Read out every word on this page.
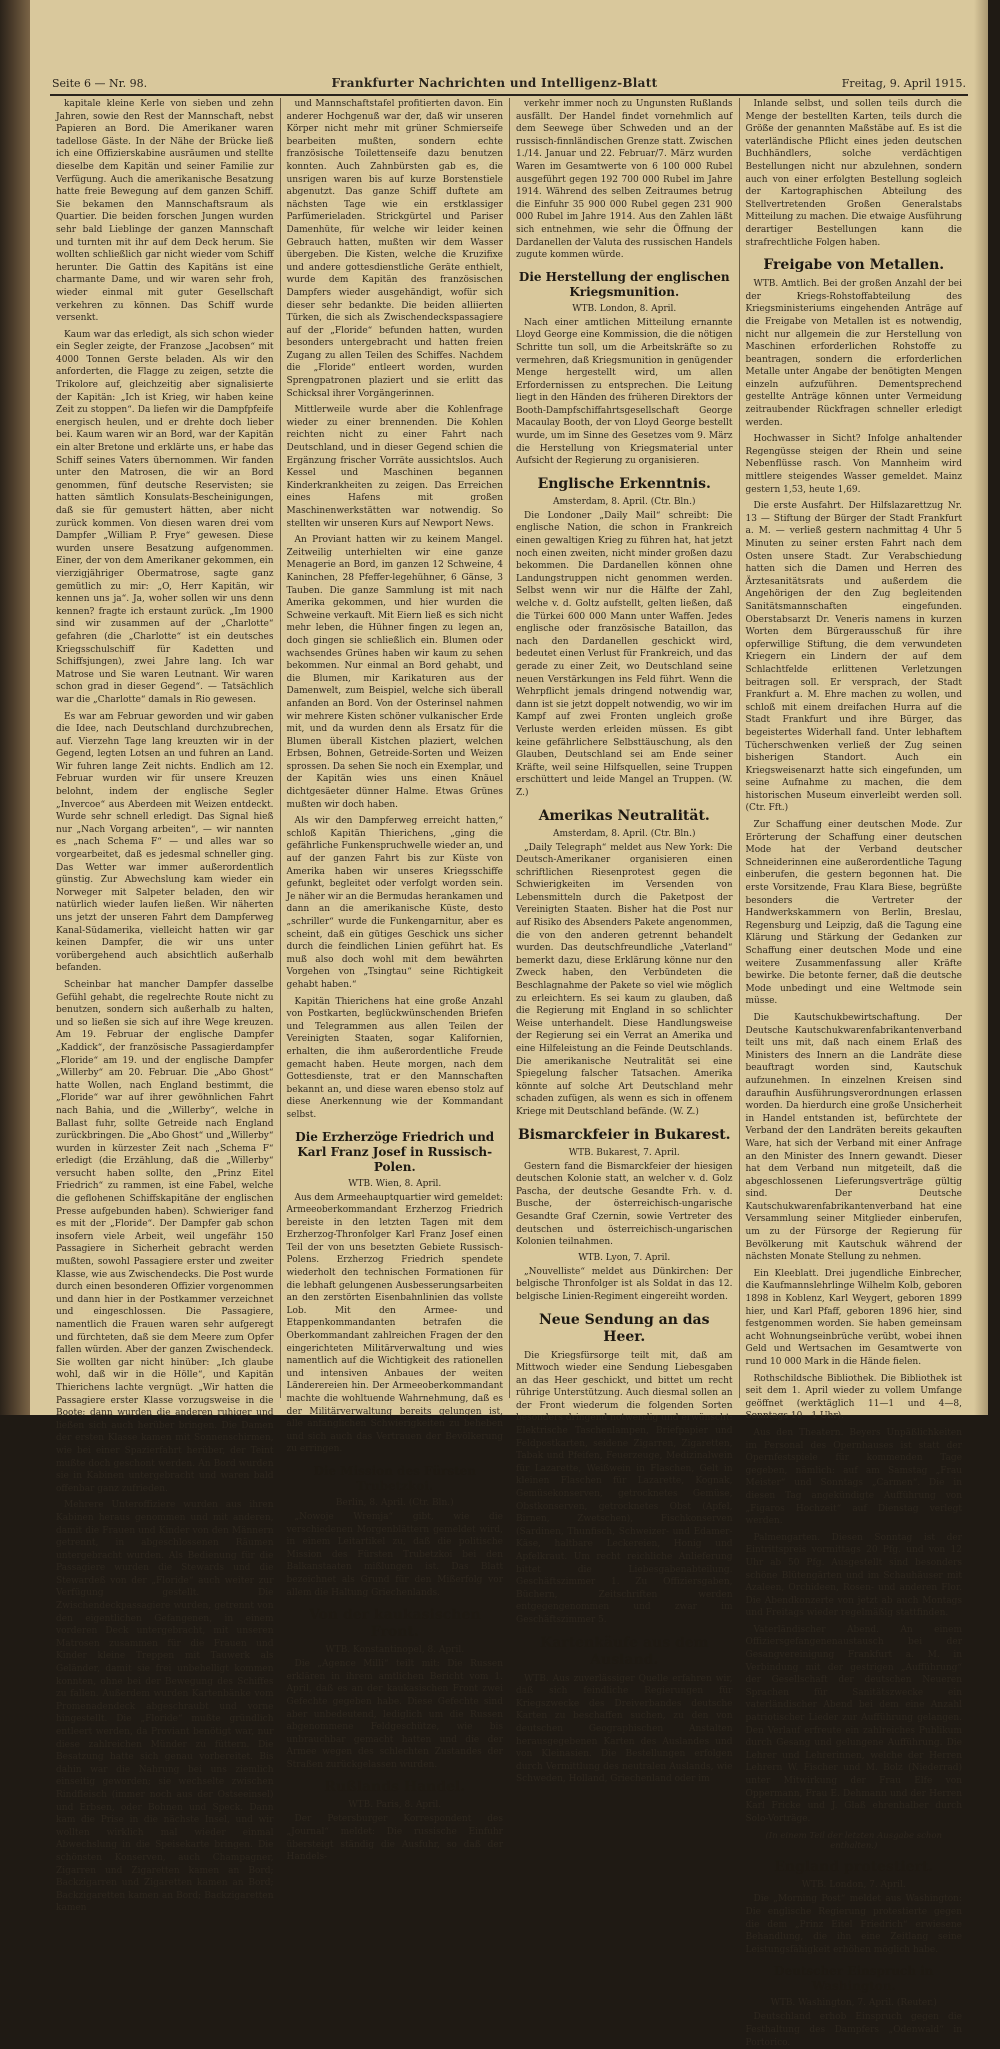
Seite 6 — Nr. 98.	Frankfurter Nachrichten und Intelligenz-Blatt	Freitag, 9. April 1915.

kapitale kleine Kerle von sieben und zehn Jahren, sowie den Rest der Mannschaft, nebst Papieren an Bord. Die Amerikaner waren tadellose Gäste. In der Nähe der Brücke ließ ich eine Offizierskabine ausräumen und stellte dieselbe dem Kapitän und seiner Familie zur Verfügung. Auch die amerikanische Besatzung hatte freie Bewegung auf dem ganzen Schiff. Sie bekamen den Mannschaftsraum als Quartier. Die beiden forschen Jungen wurden sehr bald Lieblinge der ganzen Mannschaft und turnten mit ihr auf dem Deck herum. Sie wollten schließlich gar nicht wieder vom Schiff herunter. Die Gattin des Kapitäns ist eine charmante Dame, und wir waren sehr froh, wieder einmal mit guter Gesellschaft verkehren zu können. Das Schiff wurde versenkt.

Kaum war das erledigt, als sich schon wieder ein Segler zeigte, der Franzose „Jacobsen“ mit 4000 Tonnen Gerste beladen. Als wir den anforderten, die Flagge zu zeigen, setzte die Trikolore auf, gleichzeitig aber signalisierte der Kapitän: „Ich ist Krieg, wir haben keine Zeit zu stoppen“. Da liefen wir die Dampfpfeife energisch heulen, und er drehte doch lieber bei. Kaum waren wir an Bord, war der Kapitän ein alter Bretone und erklärte uns, er habe das Schiff seines Vaters übernommen. Wir fanden unter den Matrosen, die wir an Bord genommen, fünf deutsche Reservisten; sie hatten sämtlich Konsulats-Bescheinigungen, daß sie für gemustert hätten, aber nicht zurück kommen. Von diesen waren drei vom Dampfer „William P. Frye“ gewesen. Diese wurden unsere Besatzung aufgenommen. Einer, der von dem Amerikaner gekommen, ein vierzigjähriger Obermatrose, sagte ganz gemütlich zu mir: „O, Herr Kapitän, wir kennen uns ja“. Ja, woher sollen wir uns denn kennen? fragte ich erstaunt zurück. „Im 1900 sind wir zusammen auf der „Charlotte“ gefahren (die „Charlotte“ ist ein deutsches Kriegsschulschiff für Kadetten und Schiffsjungen), zwei Jahre lang. Ich war Matrose und Sie waren Leutnant. Wir waren schon grad in dieser Gegend“. — Tatsächlich war die „Charlotte“ damals in Rio gewesen.

Es war am Februar geworden und wir gaben die Idee, nach Deutschland durchzubrechen, auf. Vierzehn Tage lang kreuzten wir in der Gegend, legten Lotsen an und fuhren an Land. Wir fuhren lange Zeit nichts. Endlich am 12. Februar wurden wir für unsere Kreuzen belohnt, indem der englische Segler „Invercoe“ aus Aberdeen mit Weizen entdeckt. Wurde sehr schnell erledigt. Das Signal hieß nur „Nach Vorgang arbeiten“, — wir nannten es „nach Schema F“ — und alles war so vorgearbeitet, daß es jedesmal schneller ging. Das Wetter war immer außerordentlich günstig. Zur Abwechslung kam wieder ein Norweger mit Salpeter beladen, den wir natürlich wieder laufen ließen. Wir näherten uns jetzt der unseren Fahrt dem Dampferweg Kanal-Südamerika, vielleicht hatten wir gar keinen Dampfer, die wir uns unter vorübergehend auch absichtlich außerhalb befanden.

Scheinbar hat mancher Dampfer dasselbe Gefühl gehabt, die regelrechte Route nicht zu benutzen, sondern sich außerhalb zu halten, und so ließen sie sich auf ihre Wege kreuzen. Am 19. Februar der englische Dampfer „Kaddick“, der französische Passagierdampfer „Floride“ am 19. und der englische Dampfer „Willerby“ am 20. Februar. Die „Abo Ghost“ hatte Wollen, nach England bestimmt, die „Floride“ war auf ihrer gewöhnlichen Fahrt nach Bahia, und die „Willerby“, welche in Ballast fuhr, sollte Getreide nach England zurückbringen. Die „Abo Ghost“ und „Willerby“ wurden in kürzester Zeit nach „Schema F“ erledigt (die Erzählung, daß die „Willerby“ versucht haben sollte, den „Prinz Eitel Friedrich“ zu rammen, ist eine Fabel, welche die geflohenen Schiffskapitäne der englischen Presse aufgebunden haben). Schwieriger fand es mit der „Floride“. Der Dampfer gab schon insofern viele Arbeit, weil ungefähr 150 Passagiere in Sicherheit gebracht werden mußten, sowohl Passagiere erster und zweiter Klasse, wie aus Zwischendecks. Die Post wurde durch einen besonderen Offizier vorgenommen und dann hier in der Postkammer verzeichnet und eingeschlossen. Die Passagiere, namentlich die Frauen waren sehr aufgeregt und fürchteten, daß sie dem Meere zum Opfer fallen würden. Aber der ganzen Zwischendeck. Sie wollten gar nicht hinüber: „Ich glaube wohl, daß wir in die Hölle“, und Kapitän Thierichens lachte vergnügt. „Wir hatten die Passagiere erster Klasse vorzugsweise in die Boote; dann wurden die anderen ruhiger und ließen sich auch herüber bringen. Die Damen der ersten Klasse kamen mit Sonnenschirmen, wie bei einer Spazierfahrt herüber, der Teint mußte doch geschont werden. An Bord wurden sie in Kabinen untergebracht und waren bald offenbar ganz zufrieden.

Mehrere Unteroffiziere wurden aus ihren Kabinen heraus genommen und mit anderen, damit die Frauen und Kinder von den Männern getrennt, in abgeschlossenen Räumen untergebracht wurden. Als Bedienung für die Passagiere wurden die Stewards und die Stewardeß von der „Floride“ auch weiter zur Verfügung gestellt. Die Zwischendeckpassagiere wurden, getrennt von den eigentlichen Gefangenen, in einem vorderen Deck untergebracht, mit unseren Matrosen zusammen für die Frauen und Kinder kleine Treppen mit Tauwerk als Geländer, damit sie frei unbehelligt kommen konnten, ohne bei der Bewegung des Schiffes zu fallen. Außerdem wurden Kartenbänke vom Promenadendeck abgeschraubt und vorne hingestellt. Die „Floride“ mußte gründlich entleert werden, da Proviant benötigt war, nur diese zahlreichen Münder zu füttern. Die Besatzung hatte sich genau vorbereitet. Bis dahin war die Nahrung bei uns ziemlich einseitig geworden; sie wechselte zwischen Rindfleisch (immer noch aus der Ostseeinsel) und Erbsen, oder Bohnen und Speck. Dann kam die Prise in die nächste Insel, und wir wollten wirklich mal wieder einmal Abwechslung in die Speisekarte bringen. Die schönsten Konserven, auch Champagner, Zigarren und Zigaretten kamen an Bord; Backzigarren und Zigaretten kamen an Bord; Backzigaretten kamen an Bord; Backzigaretten kamen

und Mannschaftstafel profitierten davon. Ein anderer Hochgenuß war der, daß wir unseren Körper nicht mehr mit grüner Schmierseife bearbeiten mußten, sondern echte französische Toilettenseife dazu benutzen konnten. Auch Zahnbürsten gab es, die unsrigen waren bis auf kurze Borstenstiele abgenutzt. Das ganze Schiff duftete am nächsten Tage wie ein erstklassiger Parfümerieladen. Strickgürtel und Pariser Damenhüte, für welche wir leider keinen Gebrauch hatten, mußten wir dem Wasser übergeben. Die Kisten, welche die Kruzifixe und andere gottesdienstliche Geräte enthielt, wurde dem Kapitän des französischen Dampfers wieder ausgehändigt, wofür sich dieser sehr bedankte. Die beiden alliierten Türken, die sich als Zwischendeckspassagiere auf der „Floride“ befunden hatten, wurden besonders untergebracht und hatten freien Zugang zu allen Teilen des Schiffes. Nachdem die „Floride“ entleert worden, wurden Sprengpatronen plaziert und sie erlitt das Schicksal ihrer Vorgängerinnen.

Mittlerweile wurde aber die Kohlenfrage wieder zu einer brennenden. Die Kohlen reichten nicht zu einer Fahrt nach Deutschland, und in dieser Gegend schien die Ergänzung frischer Vorräte aussichtslos. Auch Kessel und Maschinen begannen Kinderkrankheiten zu zeigen. Das Erreichen eines Hafens mit großen Maschinenwerkstätten war notwendig. So stellten wir unseren Kurs auf Newport News.

An Proviant hatten wir zu keinem Mangel. Zeitweilig unterhielten wir eine ganze Menagerie an Bord, im ganzen 12 Schweine, 4 Kaninchen, 28 Pfeffer-legehühner, 6 Gänse, 3 Tauben. Die ganze Sammlung ist mit nach Amerika gekommen, und hier wurden die Schweine verkauft. Mit Eiern ließ es sich nicht mehr leben, die Hühner fingen zu legen an, doch gingen sie schließlich ein. Blumen oder wachsendes Grünes haben wir kaum zu sehen bekommen. Nur einmal an Bord gehabt, und die Blumen, mir Karikaturen aus der Damenwelt, zum Beispiel, welche sich überall anfanden an Bord. Von der Osterinsel nahmen wir mehrere Kisten schöner vulkanischer Erde mit, und da wurden denn als Ersatz für die Blumen überall Kistchen plaziert, welchen Erbsen, Bohnen, Getreide-Sorten und Weizen sprossen. Da sehen Sie noch ein Exemplar, und der Kapitän wies uns einen Knäuel dichtgesäeter dünner Halme. Etwas Grünes mußten wir doch haben.

Als wir den Dampferweg erreicht hatten,“ schloß Kapitän Thierichens, „ging die gefährliche Funkenspruchwelle wieder an, und auf der ganzen Fahrt bis zur Küste von Amerika haben wir unseres Kriegsschiffe gefunkt, begleitet oder verfolgt worden sein. Je näher wir an die Bermudas herankamen und dann an die amerikanische Küste, desto „schriller“ wurde die Funkengarnitur, aber es scheint, daß ein gütiges Geschick uns sicher durch die feindlichen Linien geführt hat. Es muß also doch wohl mit dem bewährten Vorgehen von „Tsingtau“ seine Richtigkeit gehabt haben.“

Kapitän Thierichens hat eine große Anzahl von Postkarten, beglückwünschenden Briefen und Telegrammen aus allen Teilen der Vereinigten Staaten, sogar Kalifornien, erhalten, die ihm außerordentliche Freude gemacht haben. Heute morgen, nach dem Gottesdienste, trat er den Mannschaften bekannt an, und diese waren ebenso stolz auf diese Anerkennung wie der Kommandant selbst.

Die Erzherzöge Friedrich und Karl Franz Josef in Russisch-Polen.
WTB. Wien, 8. April.

Aus dem Armeehauptquartier wird gemeldet: Armeeoberkommandant Erzherzog Friedrich bereiste in den letzten Tagen mit dem Erzherzog-Thronfolger Karl Franz Josef einen Teil der von uns besetzten Gebiete Russisch-Polens. Erzherzog Friedrich spendete wiederholt den technischen Formationen für die lebhaft gelungenen Ausbesserungsarbeiten an den zerstörten Eisenbahnlinien das vollste Lob. Mit den Armee- und Etappenkommandanten betrafen die Oberkommandant zahlreichen Fragen der den eingerichteten Militärverwaltung und wies namentlich auf die Wichtigkeit des rationellen und intensiven Anbaues der weiten Länderereien hin. Der Armeeoberkommandant machte die wohltuende Wahrnehmung, daß es der Militärverwaltung bereits gelungen ist, alle anfänglichen Schwierigkeiten zu beheben und sich auch das Vertrauen der Bevölkerung zu erringen.

Die Mission des Fürsten Trubetzkoi.
Berlin, 8. April. (Ctr. Bln.)

„Nowoje Wremja“ gibt, wie die verschiedenen Morgenblättern gemeldet wird, in einem Leitartikel zu, daß die politische Mission des Fürsten Trubetzkoi bei den Balkanstaaten mißlungen ist. Das Blatt bezeichnet als Grund für den Mißerfolg vor allem die Haltung Griechenlands.

Von der kaukasischen Front.
WTB. Konstantinopel, 8. April.

Die „Agence Milli“ teilt mit: Die Russen erklären in ihrem amtlichen Bericht vom 1. April, daß es an der kaukasischen Front zwei Gefechte gegeben habe. Diese Gefechte sind aber unbedeutend, lediglich um die Russen abgenommene Feldgeschütze, wie bis unbrauchbar gemacht hatten und die der Armee wegen des schlechten Zustandes der Straßen zurückgelassen wurden.

Rußlands Handel.
WTB. Paris, 8. April.

Der Petersburger Korrespondent des „Journal“ meldet: Die russische Einfuhr übersteigt ständig die Ausfuhr, so daß der Handels-

verkehr immer noch zu Ungunsten Rußlands ausfällt. Der Handel findet vornehmlich auf dem Seewege über Schweden und an der russisch-finnländischen Grenze statt. Zwischen 1./14. Januar und 22. Februar/7. März wurden Waren im Gesamtwerte von 6 100 000 Rubel ausgeführt gegen 192 700 000 Rubel im Jahre 1914. Während des selben Zeitraumes betrug die Einfuhr 35 900 000 Rubel gegen 231 900 000 Rubel im Jahre 1914. Aus den Zahlen läßt sich entnehmen, wie sehr die Öffnung der Dardanellen der Valuta des russischen Handels zugute kommen würde.

Die Herstellung der englischen Kriegsmunition.
WTB. London, 8. April.

Nach einer amtlichen Mitteilung ernannte Lloyd George eine Kommission, die die nötigen Schritte tun soll, um die Arbeitskräfte so zu vermehren, daß Kriegsmunition in genügender Menge hergestellt wird, um allen Erfordernissen zu entsprechen. Die Leitung liegt in den Händen des früheren Direktors der Booth-Dampfschiffahrtsgesellschaft George Macaulay Booth, der von Lloyd George bestellt wurde, um im Sinne des Gesetzes vom 9. März die Herstellung von Kriegsmaterial unter Aufsicht der Regierung zu organisieren.

Englische Erkenntnis.
Amsterdam, 8. April. (Ctr. Bln.)

Die Londoner „Daily Mail“ schreibt: Die englische Nation, die schon in Frankreich einen gewaltigen Krieg zu führen hat, hat jetzt noch einen zweiten, nicht minder großen dazu bekommen. Die Dardanellen können ohne Landungstruppen nicht genommen werden. Selbst wenn wir nur die Hälfte der Zahl, welche v. d. Goltz aufstellt, gelten ließen, daß die Türkei 600 000 Mann unter Waffen. Jedes englische oder französische Bataillon, das nach den Dardanellen geschickt wird, bedeutet einen Verlust für Frankreich, und das gerade zu einer Zeit, wo Deutschland seine neuen Verstärkungen ins Feld führt. Wenn die Wehrpflicht jemals dringend notwendig war, dann ist sie jetzt doppelt notwendig, wo wir im Kampf auf zwei Fronten ungleich große Verluste werden erleiden müssen. Es gibt keine gefährlichere Selbsttäuschung, als den Glauben, Deutschland sei am Ende seiner Kräfte, weil seine Hilfsquellen, seine Truppen erschüttert und leide Mangel an Truppen. (W. Z.)

Amerikas Neutralität.
Amsterdam, 8. April. (Ctr. Bln.)

„Daily Telegraph“ meldet aus New York: Die Deutsch-Amerikaner organisieren einen schriftlichen Riesenprotest gegen die Schwierigkeiten im Versenden von Lebensmitteln durch die Paketpost der Vereinigten Staaten. Bisher hat die Post nur auf Risiko des Absenders Pakete angenommen, die von den anderen getrennt behandelt wurden. Das deutschfreundliche „Vaterland“ bemerkt dazu, diese Erklärung könne nur den Zweck haben, den Verbündeten die Beschlagnahme der Pakete so viel wie möglich zu erleichtern. Es sei kaum zu glauben, daß die Regierung mit England in so schlichter Weise unterhandelt. Diese Handlungsweise der Regierung sei ein Verrat an Amerika und eine Hilfeleistung an die Feinde Deutschlands. Die amerikanische Neutralität sei eine Spiegelung falscher Tatsachen. Amerika könnte auf solche Art Deutschland mehr schaden zufügen, als wenn es sich in offenem Kriege mit Deutschland befände. (W. Z.)

Bismarckfeier in Bukarest.
WTB. Bukarest, 7. April.

Gestern fand die Bismarckfeier der hiesigen deutschen Kolonie statt, an welcher v. d. Golz Pascha, der deutsche Gesandte Frh. v. d. Busche, der österreichisch-ungarische Gesandte Graf Czernin, sowie Vertreter des deutschen und österreichisch-ungarischen Kolonien teilnahmen.

WTB. Lyon, 7. April.

„Nouvelliste“ meldet aus Dünkirchen: Der belgische Thronfolger ist als Soldat in das 12. belgische Linien-Regiment eingereiht worden.

Neue Sendung an das Heer.

Die Kriegsfürsorge teilt mit, daß am Mittwoch wieder eine Sendung Liebesgaben an das Heer geschickt, und bittet um recht rührige Unterstützung. Auch diesmal sollen an der Front wiederum die folgenden Sorten besonders dringend notwendig und erwünscht: Elektrische Taschenlampen, Briefpapier und Feldpostkarten, seidene Zigarren, Zigaretten, Tabak und Pfeifen, Feuerzeuge, Medizinalwein für Lazarette, Weißwein in Flaschen, Gelt in kleinen Flaschen für Lazarette, Kognak, Gemüsekonserven, getrocknetes Gemüse, Obstkonserven, getrocknetes Obst (Apfel, Birnen, Zwetschen), Fischkonserven (Sardinen, Thunfisch, Schweizer- und Edamer-Käse, haltbare Leckereien, Honig und Apfelkraut. Um recht reichliche Anlieferung bittet die Liebesgabenabteilung. Geschäftszimmer 1. Zu Offiziersgaben, Büchern, Zeitschriften werden entgegengenommen und zwar im Geschäftszimmer 5.

Kartenkäufe aus dem Ausland.

WTB. Aus zuverlässiger Quelle erfahren wir, daß sich feindliche Regierungen für Kriegszwecke des Dreiverbandes deutsche Karten zu beschaffen suchen, zu den von deutschen Geographischen Anstalten herausgegebenen Karten des Auslandes und von Kleinasien. Die Bestellungen erfolgen durch Vermittlung des neutralen Auslands, wie Schweden, Holland, Griechenland oder im

Inlande selbst, und sollen teils durch die Menge der bestellten Karten, teils durch die Größe der genannten Maßstäbe auf. Es ist die vaterländische Pflicht eines jeden deutschen Buchhändlers, solche verdächtigen Bestellungen nicht nur abzulehnen, sondern auch von einer erfolgten Bestellung sogleich der Kartographischen Abteilung des Stellvertretenden Großen Generalstabs Mitteilung zu machen. Die etwaige Ausführung derartiger Bestellungen kann die strafrechtliche Folgen haben.

Freigabe von Metallen.

WTB. Amtlich. Bei der großen Anzahl der bei der Kriegs-Rohstoffabteilung des Kriegsministeriums eingehenden Anträge auf die Freigabe von Metallen ist es notwendig, nicht nur allgemein die zur Herstellung von Maschinen erforderlichen Rohstoffe zu beantragen, sondern die erforderlichen Metalle unter Angabe der benötigten Mengen einzeln aufzuführen. Dementsprechend gestellte Anträge können unter Vermeidung zeitraubender Rückfragen schneller erledigt werden.

Hochwasser in Sicht? Infolge anhaltender Regengüsse steigen der Rhein und seine Nebenflüsse rasch. Von Mannheim wird mittlere steigendes Wasser gemeldet. Mainz gestern 1,53, heute 1,69.

Die erste Ausfahrt. Der Hilfslazarettzug Nr. 13 — Stiftung der Bürger der Stadt Frankfurt a. M. — verließ gestern nachmittag 4 Uhr 5 Minuten zu seiner ersten Fahrt nach dem Osten unsere Stadt. Zur Verabschiedung hatten sich die Damen und Herren des Ärztesanitätsrats und außerdem die Angehörigen der den Zug begleitenden Sanitätsmannschaften eingefunden. Oberstabsarzt Dr. Veneris namens in kurzen Worten dem Bürgerausschuß für ihre opferwillige Stiftung, die dem verwundeten Kriegern ein Lindern der auf dem Schlachtfelde erlittenen Verletzungen beitragen soll. Er versprach, der Stadt Frankfurt a. M. Ehre machen zu wollen, und schloß mit einem dreifachen Hurra auf die Stadt Frankfurt und ihre Bürger, das begeistertes Widerhall fand. Unter lebhaftem Tücherschwenken verließ der Zug seinen bisherigen Standort. Auch ein Kriegsweisenarzt hatte sich eingefunden, um seine Aufnahme zu machen, die dem historischen Museum einverleibt werden soll. (Ctr. Fft.)

Zur Schaffung einer deutschen Mode. Zur Erörterung der Schaffung einer deutschen Mode hat der Verband deutscher Schneiderinnen eine außerordentliche Tagung einberufen, die gestern begonnen hat. Die erste Vorsitzende, Frau Klara Biese, begrüßte besonders die Vertreter der Handwerkskammern von Berlin, Breslau, Regensburg und Leipzig, daß die Tagung eine Klärung und Stärkung der Gedanken zur Schaffung einer deutschen Mode und eine weitere Zusammenfassung aller Kräfte bewirke. Die betonte ferner, daß die deutsche Mode unbedingt und eine Weltmode sein müsse.

Die Kautschukbewirtschaftung. Der Deutsche Kautschukwarenfabrikantenverband teilt uns mit, daß nach einem Erlaß des Ministers des Innern an die Landräte diese beauftragt worden sind, Kautschuk aufzunehmen. In einzelnen Kreisen sind daraufhin Ausführungsverordnungen erlassen worden. Da hierdurch eine große Unsicherheit in Handel entstanden ist, befürchtete der Verband der den Landräten bereits gekauften Ware, hat sich der Verband mit einer Anfrage an den Minister des Innern gewandt. Dieser hat dem Verband nun mitgeteilt, daß die abgeschlossenen Lieferungsverträge gültig sind. Der Deutsche Kautschukwarenfabrikantenverband hat eine Versammlung seiner Mitglieder einberufen, um zu der Fürsorge der Regierung für Bevölkerung mit Kautschuk während der nächsten Monate Stellung zu nehmen.

Ein Kleeblatt. Drei jugendliche Einbrecher, die Kaufmannslehrlinge Wilhelm Kolb, geboren 1898 in Koblenz, Karl Weygert, geboren 1899 hier, und Karl Pfaff, geboren 1896 hier, sind festgenommen worden. Sie haben gemeinsam acht Wohnungseinbrüche verübt, wobei ihnen Geld und Wertsachen im Gesamtwerte von rund 10 000 Mark in die Hände fielen.

Rothschildsche Bibliothek. Die Bibliothek ist seit dem 1. April wieder zu vollem Umfange geöffnet (werktäglich 11—1 und 4—8, Sonntags 10—1 Uhr).

Aus den Theatern. Beyers Unpäßlichkeiten im Personal des Opernhauses ist statt der Opernfestspiele für kommenden Tage gegeben, nämlich: auf am Samstag „Frau Meister“ und Sonntags „Carmen“. Die in diesen Tag angekündigte Aufführung von „Figaros Hochzeit“ auf Dienstag verlegt werden.

Palmengarten. Diesen Sonntag ist der Eintrittspreis vormittags 20 Pfg. und von 12 Uhr ab 50 Pfg. Ausgestellt sind besonders schöne Blütengärten und im Schauhäuser mit Azaleen, Orchideen, Rosen- und anderen Flor. Die Abendkonzerte von jetzt ab auch Montags und Freitags wieder regelmäßig stattfinden.

Vaterländischer Abend. An einem Offiziersgefangenenaustausch bei der Gesangvereinigung Frankfurt a. M. in Verbindung mit der gestrigen „Aufführung“ der Gesellschaft der deutschen Neueren Sprachen für Sanitätszwecke ein vaterländischer Abend bei dem eine Anzahl patriotischer Lieder zur Aufführung gelangen. Den Verlauf erfreute ein zahlreiches Publikum durch Gesang und gelungene Aufführung. Die Lehrer und Lehrerinnen, welche der Herren Lehrern W. Fischer und M. Bolz (Niederrad) unter Mitwirkung der Frau Elfe von Oppermann, Frau E. Dehmann und der Herren Karl Fricke und J. Glaß ehrenhalber durch Solo-Vorträge.

(In einem Teil der letzten Ausgabe schon enthalten.)
England protestiert.
WTB. London, 7. April.

Die „Morning Post“ meldet aus Washington: Die englische Regierung protestierte gegen die dem „Prinz Eitel Friedrich“ erwiesene Behandlung, die ihn eine Zeitlang seine Leistungsfähigkeit erhöhen möglich habe.

Deutscher Einspruch in Washington.
WTB. Washington, 7. April. (Reuter.)

Deutschland erhob Einspruch gegen die Festhaltung des Dampfers „Odenwald“ in Portorico.
